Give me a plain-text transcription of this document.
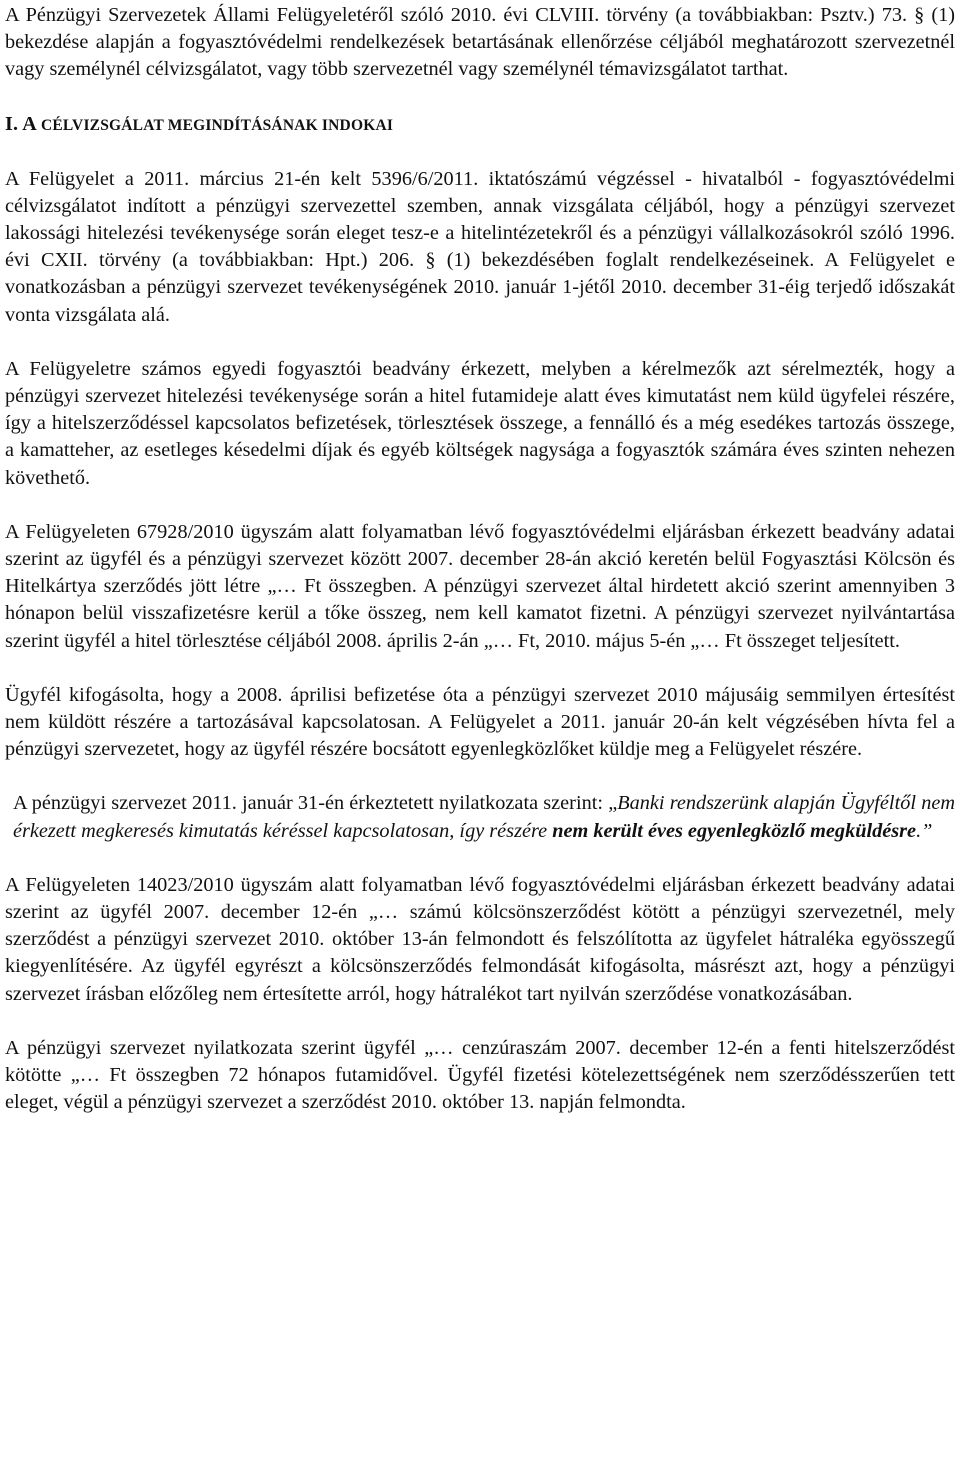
A Pénzügyi Szervezetek Állami Felügyeletéről szóló 2010. évi CLVIII. törvény (a továbbiakban: Psztv.) 73. § (1) bekezdése alapján a fogyasztóvédelmi rendelkezések betartásának ellenőrzése céljából meghatározott szervezetnél vagy személynél célvizsgálatot, vagy több szervezetnél vagy személynél témavizsgálatot tarthat.

I. A CÉLVIZSGÁLAT MEGINDÍTÁSÁNAK INDOKAI

A Felügyelet a 2011. március 21-én kelt 5396/6/2011. iktatószámú végzéssel - hivatalból - fogyasztóvédelmi célvizsgálatot indított a pénzügyi szervezettel szemben, annak vizsgálata céljából, hogy a pénzügyi szervezet lakossági hitelezési tevékenysége során eleget tesz-e a hitelintézetekről és a pénzügyi vállalkozásokról szóló 1996. évi CXII. törvény (a továbbiakban: Hpt.) 206. § (1) bekezdésében foglalt rendelkezéseinek. A Felügyelet e vonatkozásban a pénzügyi szervezet tevékenységének 2010. január 1-jétől 2010. december 31-éig terjedő időszakát vonta vizsgálata alá.

A Felügyeletre számos egyedi fogyasztói beadvány érkezett, melyben a kérelmezők azt sérelmezték, hogy a pénzügyi szervezet hitelezési tevékenysége során a hitel futamideje alatt éves kimutatást nem küld ügyfelei részére, így a hitelszerződéssel kapcsolatos befizetések, törlesztések összege, a fennálló és a még esedékes tartozás összege, a kamatteher, az esetleges késedelmi díjak és egyéb költségek nagysága a fogyasztók számára éves szinten nehezen követhető.

A Felügyeleten 67928/2010 ügyszám alatt folyamatban lévő fogyasztóvédelmi eljárásban érkezett beadvány adatai szerint az ügyfél és a pénzügyi szervezet között 2007. december 28-án akció keretén belül Fogyasztási Kölcsön és Hitelkártya szerződés jött létre „… Ft összegben. A pénzügyi szervezet által hirdetett akció szerint amennyiben 3 hónapon belül visszafizetésre kerül a tőke összeg, nem kell kamatot fizetni. A pénzügyi szervezet nyilvántartása szerint ügyfél a hitel törlesztése céljából 2008. április 2-án „… Ft, 2010. május 5-én „… Ft összeget teljesített.

Ügyfél kifogásolta, hogy a 2008. áprilisi befizetése óta a pénzügyi szervezet 2010 májusáig semmilyen értesítést nem küldött részére a tartozásával kapcsolatosan. A Felügyelet a 2011. január 20-án kelt végzésében hívta fel a pénzügyi szervezetet, hogy az ügyfél részére bocsátott egyenlegközlőket küldje meg a Felügyelet részére.

A pénzügyi szervezet 2011. január 31-én érkeztetett nyilatkozata szerint: „Banki rendszerünk alapján Ügyféltől nem érkezett megkeresés kimutatás kéréssel kapcsolatosan, így részére nem került éves egyenlegközlő megküldésre.”

A Felügyeleten 14023/2010 ügyszám alatt folyamatban lévő fogyasztóvédelmi eljárásban érkezett beadvány adatai szerint az ügyfél 2007. december 12-én „… számú kölcsönszerződést kötött a pénzügyi szervezetnél, mely szerződést a pénzügyi szervezet 2010. október 13-án felmondott és felszólította az ügyfelet hátraléka egyösszegű kiegyenlítésére. Az ügyfél egyrészt a kölcsönszerződés felmondását kifogásolta, másrészt azt, hogy a pénzügyi szervezet írásban előzőleg nem értesítette arról, hogy hátralékot tart nyilván szerződése vonatkozásában.

A pénzügyi szervezet nyilatkozata szerint ügyfél „… cenzúraszám 2007. december 12-én a fenti hitelszerződést kötötte „… Ft összegben 72 hónapos futamidővel. Ügyfél fizetési kötelezettségének nem szerződésszerűen tett eleget, végül a pénzügyi szervezet a szerződést 2010. október 13. napján felmondta.
